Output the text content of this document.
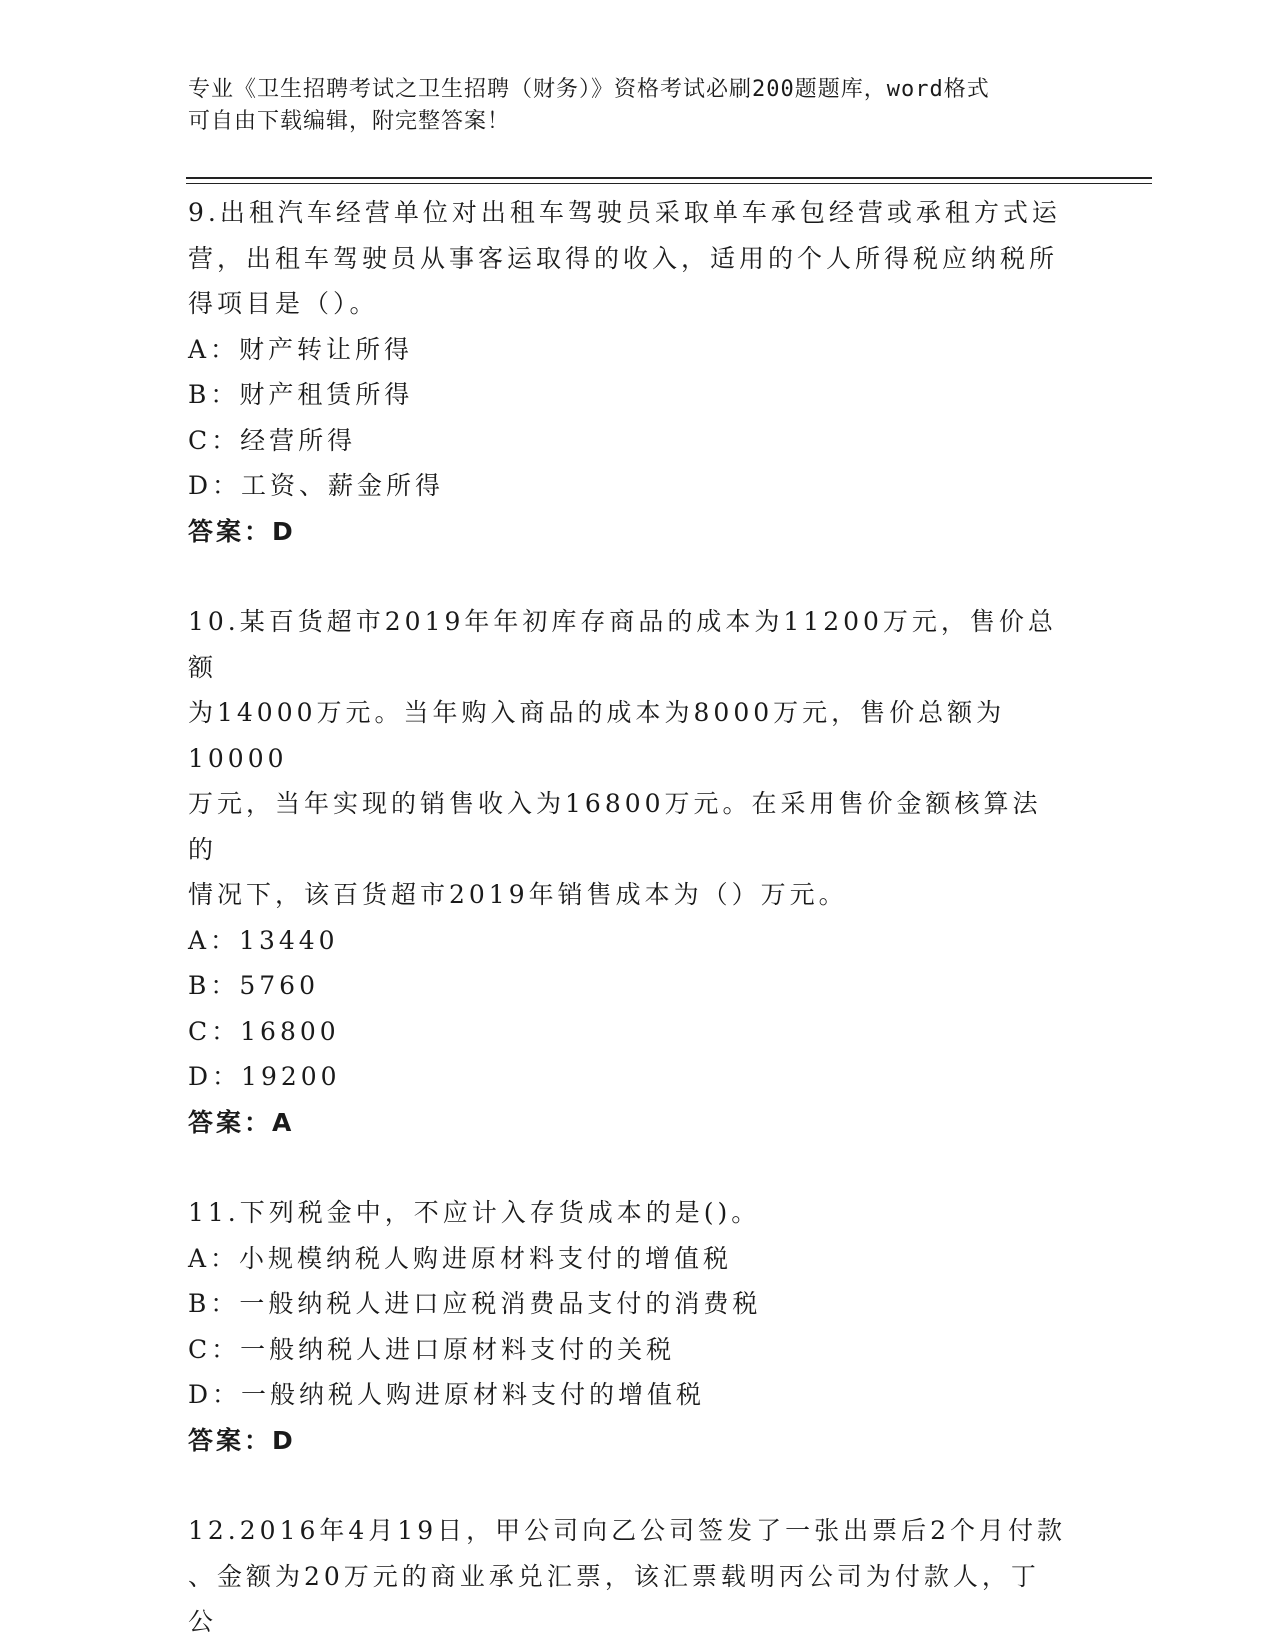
专业《卫生招聘考试之卫生招聘（财务）》资格考试必刷200题题库，word格式
可自由下载编辑，附完整答案！

9.出租汽车经营单位对出租车驾驶员采取单车承包经营或承租方式运

营，出租车驾驶员从事客运取得的收入，适用的个人所得税应纳税所

得项目是（）。

A：财产转让所得

B：财产租赁所得

C：经营所得

D：工资、薪金所得

答案：D

10.某百货超市2019年年初库存商品的成本为11200万元，售价总额

为14000万元。当年购入商品的成本为8000万元，售价总额为10000

万元，当年实现的销售收入为16800万元。在采用售价金额核算法的

情况下，该百货超市2019年销售成本为（）万元。

A：13440

B：5760

C：16800

D：19200

答案：A

11.下列税金中，不应计入存货成本的是()。

A：小规模纳税人购进原材料支付的增值税

B：一般纳税人进口应税消费品支付的消费税

C：一般纳税人进口原材料支付的关税

D：一般纳税人购进原材料支付的增值税

答案：D

12.2016年4月19日，甲公司向乙公司签发了一张出票后2个月付款

、金额为20万元的商业承兑汇票，该汇票载明丙公司为付款人，丁公
